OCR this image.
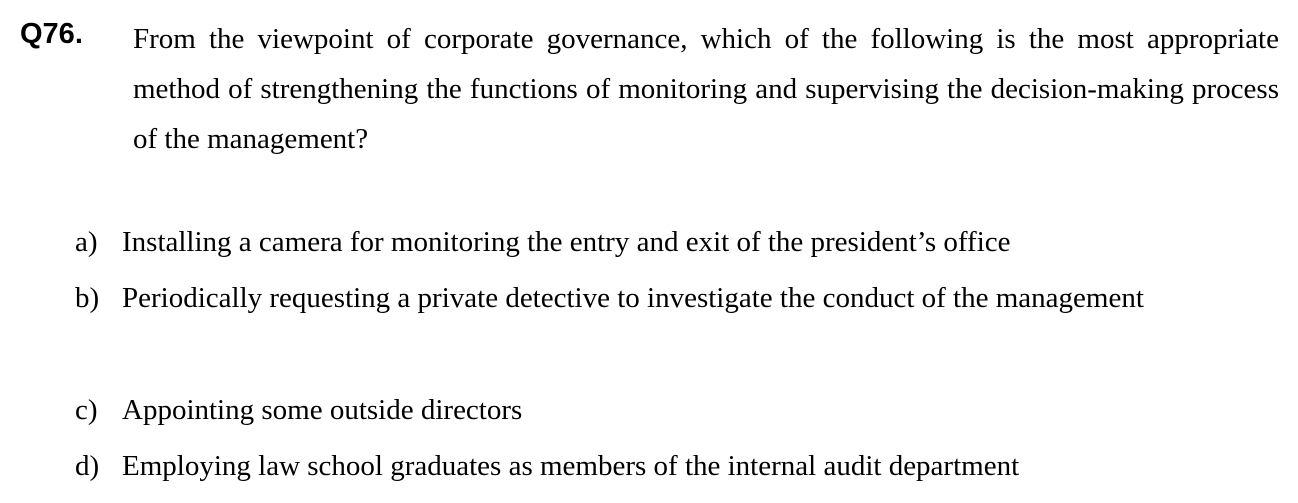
Q76. From the viewpoint of corporate governance, which of the following is the most appropriate method of strengthening the functions of monitoring and supervising the decision-making process of the management?
a) Installing a camera for monitoring the entry and exit of the president’s office
b) Periodically requesting a private detective to investigate the conduct of the management
c) Appointing some outside directors
d) Employing law school graduates as members of the internal audit department
